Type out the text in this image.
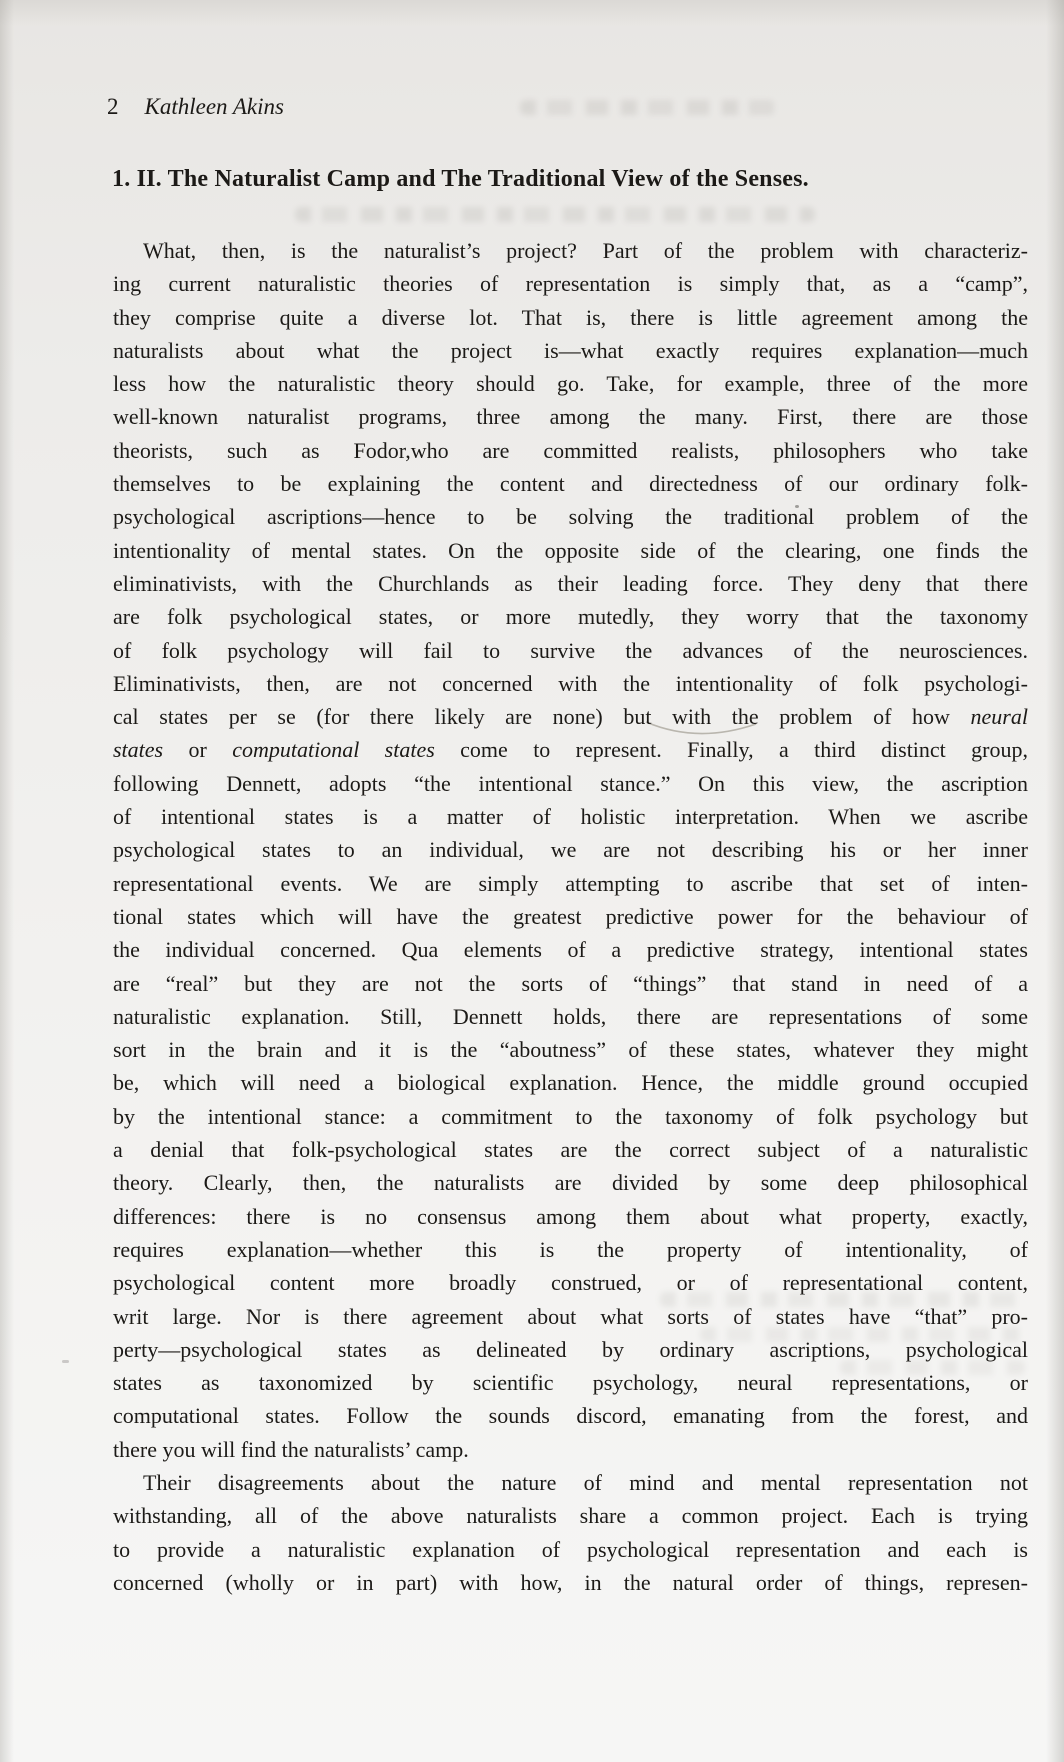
2 Kathleen Akins
1. II. The Naturalist Camp and The Traditional View of the Senses.
What, then, is the naturalist’s project? Part of the problem with characteriz-
ing current naturalistic theories of representation is simply that, as a “camp”,
they comprise quite a diverse lot. That is, there is little agreement among the
naturalists about what the project is—what exactly requires explanation—much
less how the naturalistic theory should go. Take, for example, three of the more
well-known naturalist programs, three among the many. First, there are those
theorists, such as Fodor,who are committed realists, philosophers who take
themselves to be explaining the content and directedness of our ordinary folk-
psychological ascriptions—hence to be solving the traditional problem of the
intentionality of mental states. On the opposite side of the clearing, one finds the
eliminativists, with the Churchlands as their leading force. They deny that there
are folk psychological states, or more mutedly, they worry that the taxonomy
of folk psychology will fail to survive the advances of the neurosciences.
Eliminativists, then, are not concerned with the intentionality of folk psychologi-
cal states per se (for there likely are none) but with the problem of how neural
states or computational states come to represent. Finally, a third distinct group,
following Dennett, adopts “the intentional stance.” On this view, the ascription
of intentional states is a matter of holistic interpretation. When we ascribe
psychological states to an individual, we are not describing his or her inner
representational events. We are simply attempting to ascribe that set of inten-
tional states which will have the greatest predictive power for the behaviour of
the individual concerned. Qua elements of a predictive strategy, intentional states
are “real” but they are not the sorts of “things” that stand in need of a
naturalistic explanation. Still, Dennett holds, there are representations of some
sort in the brain and it is the “aboutness” of these states, whatever they might
be, which will need a biological explanation. Hence, the middle ground occupied
by the intentional stance: a commitment to the taxonomy of folk psychology but
a denial that folk-psychological states are the correct subject of a naturalistic
theory. Clearly, then, the naturalists are divided by some deep philosophical
differences: there is no consensus among them about what property, exactly,
requires explanation—whether this is the property of intentionality, of
psychological content more broadly construed, or of representational content,
writ large. Nor is there agreement about what sorts of states have “that” pro-
perty—psychological states as delineated by ordinary ascriptions, psychological
states as taxonomized by scientific psychology, neural representations, or
computational states. Follow the sounds discord, emanating from the forest, and
there you will find the naturalists’ camp.
Their disagreements about the nature of mind and mental representation not
withstanding, all of the above naturalists share a common project. Each is trying
to provide a naturalistic explanation of psychological representation and each is
concerned (wholly or in part) with how, in the natural order of things, represen-
